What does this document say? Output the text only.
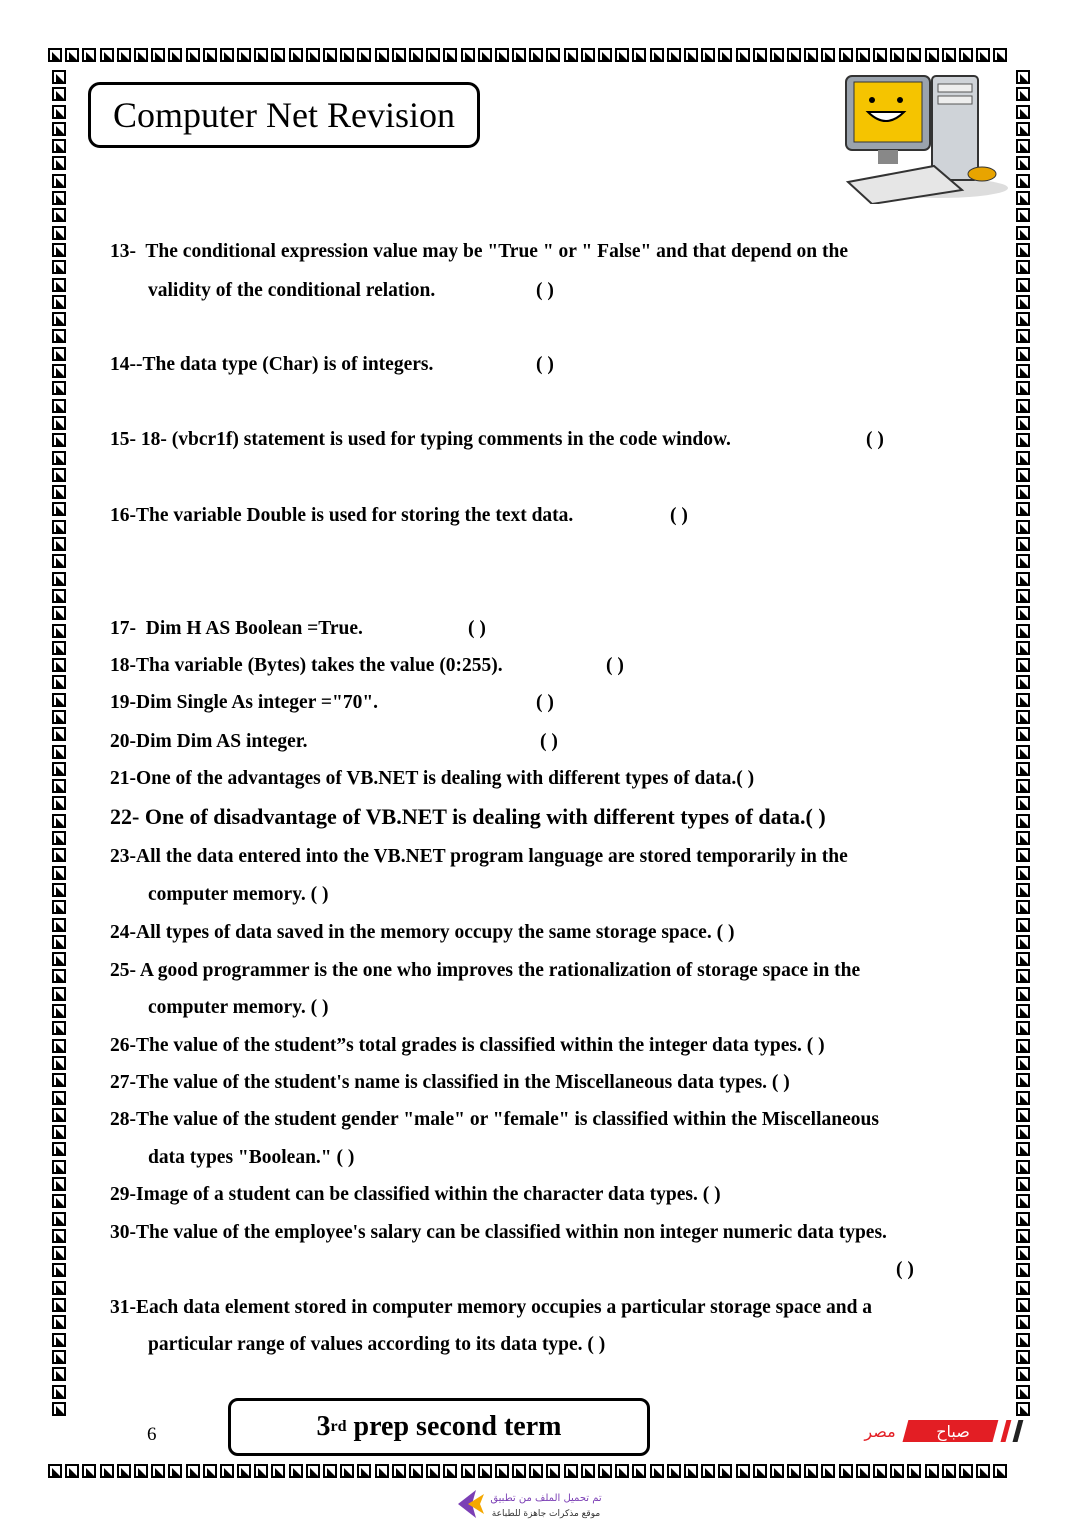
Computer Net Revision
13- The conditional expression value may be "True " or " False" and that depend on the
validity of the conditional relation.	( )
14--The data type (Char) is of integers.	( )
15- 18- (vbcr1f) statement is used for typing comments in the code window.	( )
16-The variable Double is used for storing the text data.	( )
17- Dim H AS Boolean =True.	( )
18-Tha variable (Bytes) takes the value (0:255).	( )
19-Dim Single As integer ="70".	( )
20-Dim Dim AS integer.	( )
21-One of the advantages of VB.NET is dealing with different types of data.( )
22- One of disadvantage of VB.NET is dealing with different types of data.( )
23-All the data entered into the VB.NET program language are stored temporarily in the
computer memory. ( )
24-All types of data saved in the memory occupy the same storage space. ( )
25- A good programmer is the one who improves the rationalization of storage space in the
computer memory. ( )
26-The value of the student”s total grades is classified within the integer data types. ( )
27-The value of the student's name is classified in the Miscellaneous data types. ( )
28-The value of the student gender "male" or "female" is classified within the Miscellaneous
data types "Boolean." ( )
29-Image of a student can be classified within the character data types. ( )
30-The value of the employee's salary can be classified within non integer numeric data types.
( )
31-Each data element stored in computer memory occupies a particular storage space and a
particular range of values according to its data type. ( )
6	3 rd prep second term	صباح
مصر
تم تحميل الملف من تطبيق
موقع مذكرات جاهزة للطباعة
